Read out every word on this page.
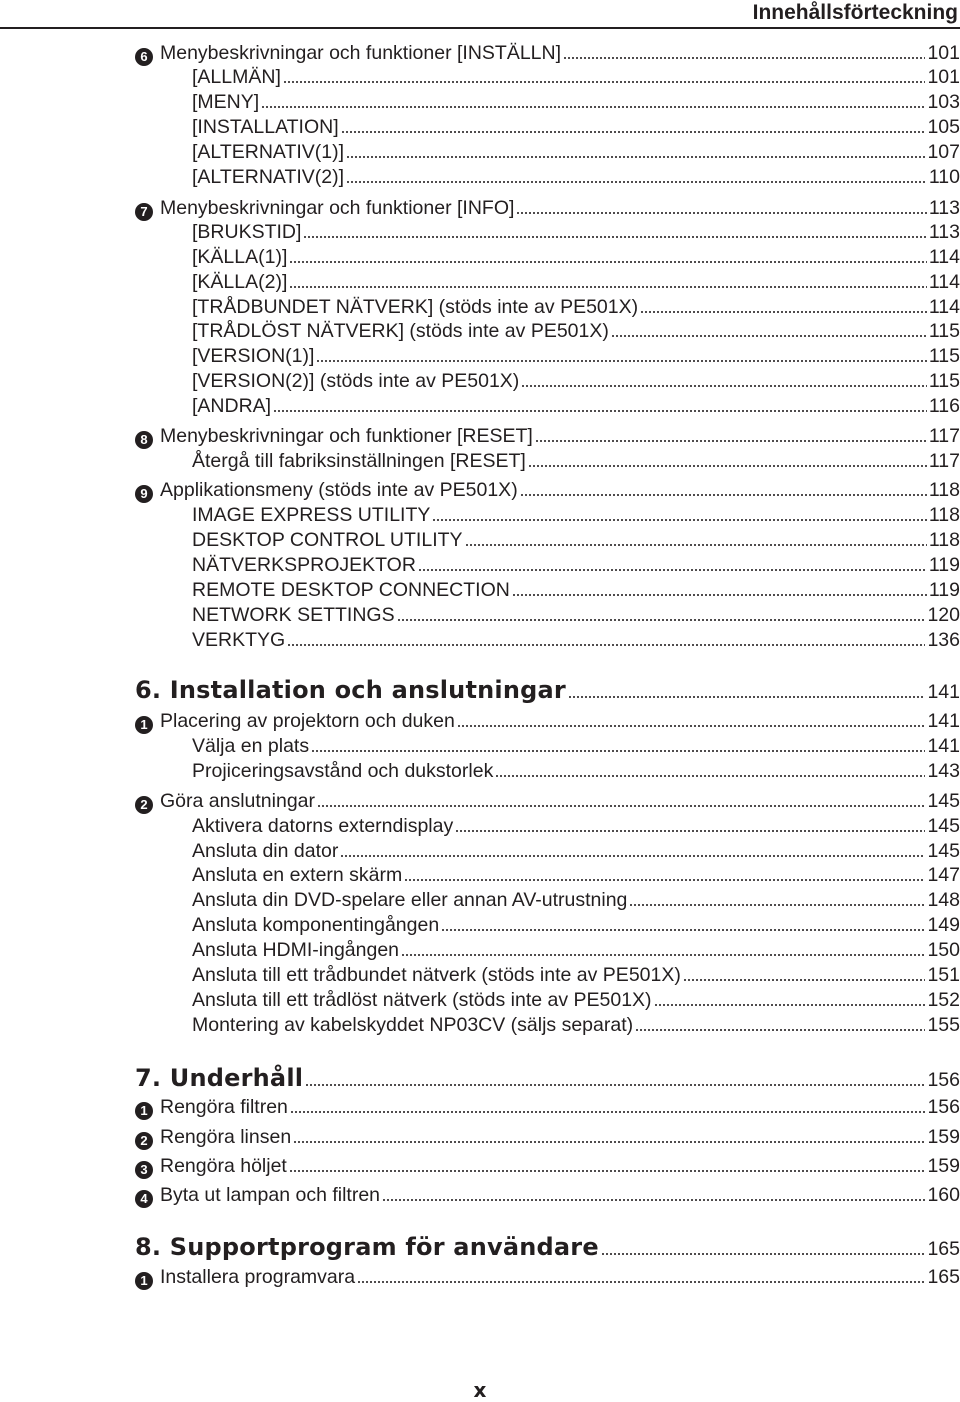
Innehållsförteckning
6 Menybeskrivningar och funktioner [INSTÄLLN]	101
[ALLMÄN]	101
[MENY]	103
[INSTALLATION]	105
[ALTERNATIV(1)]	107
[ALTERNATIV(2)]	110
7 Menybeskrivningar och funktioner [INFO]	113
[BRUKSTID]	113
[KÄLLA(1)]	114
[KÄLLA(2)]	114
[TRÅDBUNDET NÄTVERK] (stöds inte av PE501X)	114
[TRÅDLÖST NÄTVERK] (stöds inte av PE501X)	115
[VERSION(1)]	115
[VERSION(2)] (stöds inte av PE501X)	115
[ANDRA]	116
8 Menybeskrivningar och funktioner [RESET]	117
Återgå till fabriksinställningen [RESET]	117
9 Applikationsmeny (stöds inte av PE501X)	118
IMAGE EXPRESS UTILITY	118
DESKTOP CONTROL UTILITY	118
NÄTVERKSPROJEKTOR	119
REMOTE DESKTOP CONNECTION	119
NETWORK SETTINGS	120
VERKTYG	136
6. Installation och anslutningar	141
1 Placering av projektorn och duken	141
Välja en plats	141
Projiceringsavstånd och dukstorlek	143
2 Göra anslutningar	145
Aktivera datorns externdisplay	145
Ansluta din dator	145
Ansluta en extern skärm	147
Ansluta din DVD-spelare eller annan AV-utrustning	148
Ansluta komponentingången	149
Ansluta HDMI-ingången	150
Ansluta till ett trådbundet nätverk (stöds inte av PE501X)	151
Ansluta till ett trådlöst nätverk (stöds inte av PE501X)	152
Montering av kabelskyddet NP03CV (säljs separat)	155
7. Underhåll	156
1 Rengöra filtren	156
2 Rengöra linsen	159
3 Rengöra höljet	159
4 Byta ut lampan och filtren	160
8. Supportprogram för användare	165
1 Installera programvara	165
x
